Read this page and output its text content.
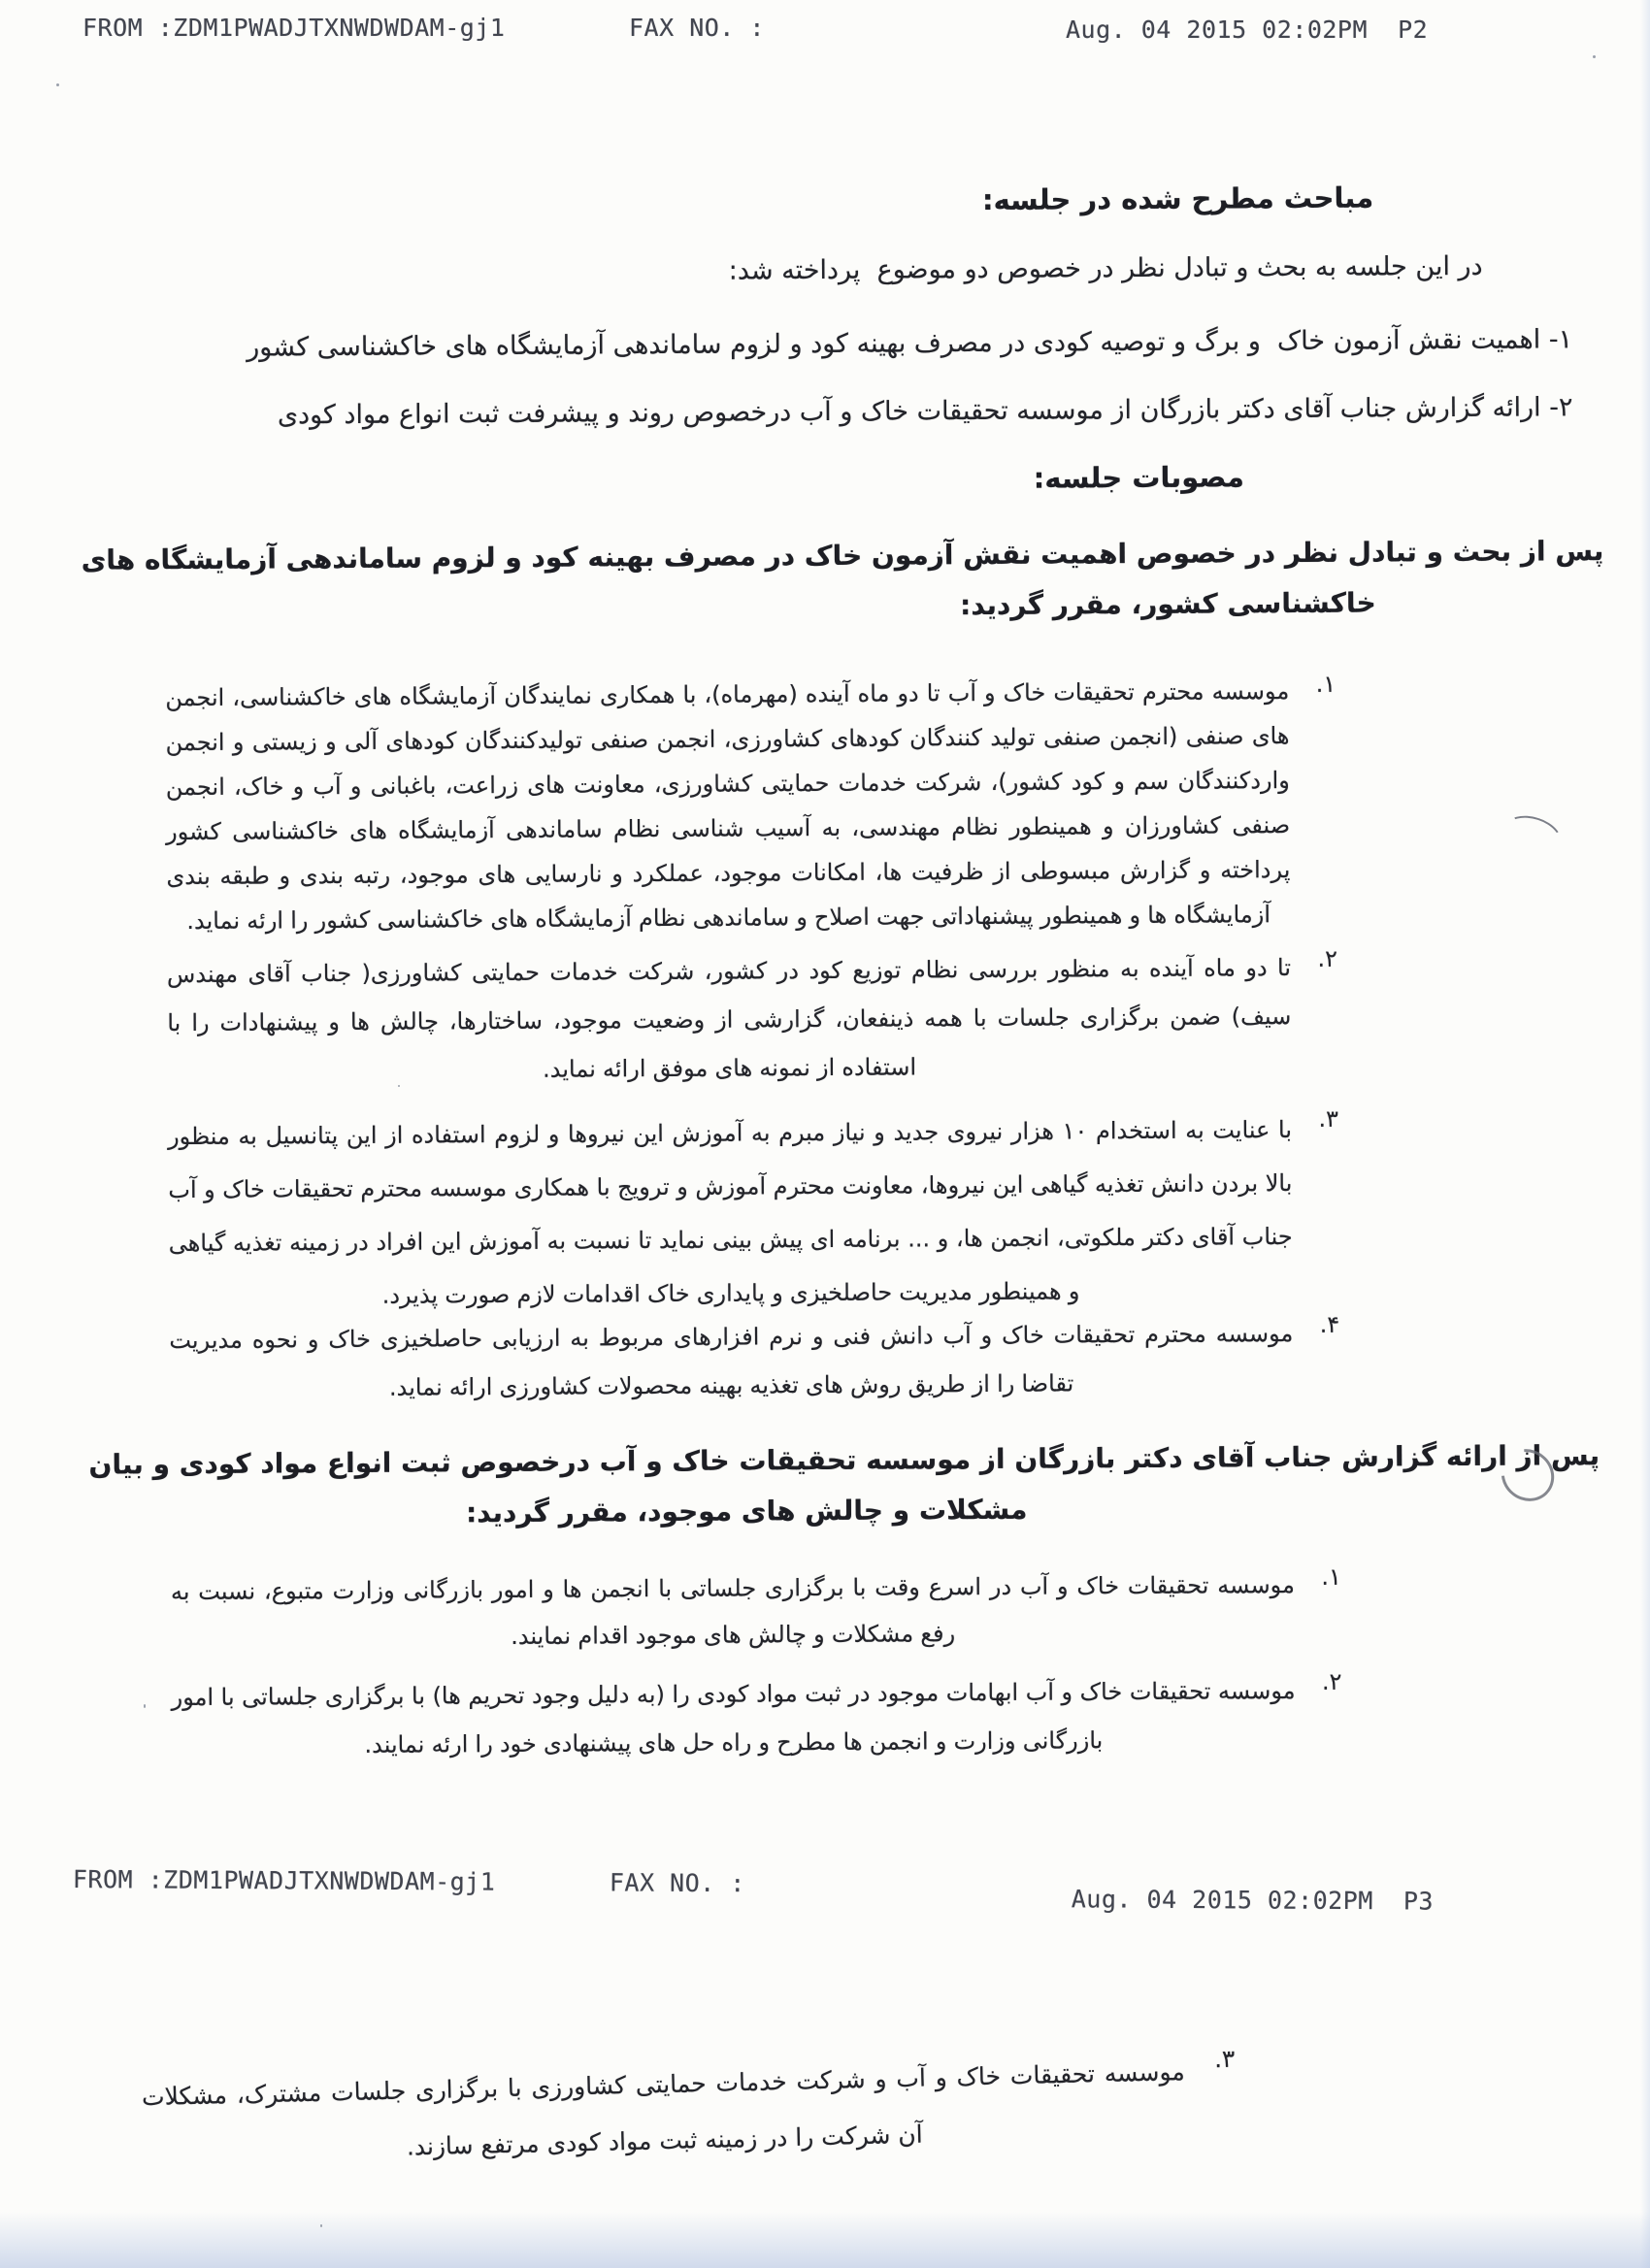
FROM :ZDM1PWADJTXNWDWDAM-gj1

	FAX NO. :

	Aug. 04 2015 02:02PM  P2

مباحث مطرح شده در جلسه:

در این جلسه به بحث و تبادل نظر در خصوص دو موضوع  پرداخته شد:

۱- اهمیت نقش آزمون خاک  و برگ و توصیه کودی در مصرف بهینه کود و لزوم ساماندهی آزمایشگاه های خاکشناسی کشور

۲- ارائه گزارش جناب آقای دکتر بازرگان از موسسه تحقیقات خاک و آب درخصوص روند و پیشرفت ثبت انواع مواد کودی

مصوبات جلسه:

پس از بحث و تبادل نظر در خصوص اهمیت نقش آزمون خاک در مصرف بهینه کود و لزوم ساماندهی آزمایشگاه های

خاکشناسی کشور، مقرر گردید:

۱.

موسسه محترم تحقیقات خاک و آب تا دو ماه آینده (مهرماه)، با همکاری نمایندگان آزمایشگاه های خاکشناسی، انجمن های صنفی (انجمن صنفی تولید کنندگان کودهای کشاورزی، انجمن صنفی تولیدکنندگان کودهای آلی و زیستی و انجمن واردکنندگان سم و کود کشور)، شرکت خدمات حمایتی کشاورزی، معاونت های زراعت، باغبانی و آب و خاک، انجمن صنفی کشاورزان و همینطور نظام مهندسی، به آسیب شناسی نظام ساماندهی آزمایشگاه های خاکشناسی کشور پرداخته و گزارش مبسوطی از ظرفیت ها، امکانات موجود، عملکرد و نارسایی های موجود، رتبه بندی و طبقه بندی آزمایشگاه ها و همینطور پیشنهاداتی جهت اصلاح و ساماندهی نظام آزمایشگاه های خاکشناسی کشور را ارئه نماید.

۲.

تا دو ماه آینده به منظور بررسی نظام توزیع کود در کشور، شرکت خدمات حمایتی کشاورزی( جناب آقای مهندس سیف) ضمن برگزاری جلسات با همه ذینفعان، گزارشی از وضعیت موجود، ساختارها، چالش ها و پیشنهادات را با استفاده از نمونه های موفق ارائه نماید.

۳.

با عنایت به استخدام ۱۰ هزار نیروی جدید و نیاز مبرم به آموزش این نیروها و لزوم استفاده از این پتانسیل به منظور بالا بردن دانش تغذیه گیاهی این نیروها، معاونت محترم آموزش و ترویج با همکاری موسسه محترم تحقیقات خاک و آب جناب آقای دکتر ملکوتی، انجمن ها، و ... برنامه ای پیش بینی نماید تا نسبت به آموزش این افراد در زمینه تغذیه گیاهی و همینطور مدیریت حاصلخیزی و پایداری خاک اقدامات لازم صورت پذیرد.

۴.

موسسه محترم تحقیقات خاک و آب دانش فنی و نرم افزارهای مربوط به ارزیابی حاصلخیزی خاک و نحوه مدیریت تقاضا را از طریق روش های تغذیه بهینه محصولات کشاورزی ارائه نماید.

پس از ارائه گزارش جناب آقای دکتر بازرگان از موسسه تحقیقات خاک و آب درخصوص ثبت انواع مواد کودی و بیان

مشکلات و چالش های موجود، مقرر گردید:

۱.

موسسه تحقیقات خاک و آب در اسرع وقت با برگزاری جلساتی با انجمن ها و امور بازرگانی وزارت متبوع، نسبت به رفع مشکلات و چالش های موجود اقدام نمایند.

۲.

موسسه تحقیقات خاک و آب ابهامات موجود در ثبت مواد کودی را (به دلیل وجود تحریم ها) با برگزاری جلساتی با امور بازرگانی وزارت و انجمن ها مطرح و راه حل های پیشنهادی خود را ارئه نمایند.

FROM :ZDM1PWADJTXNWDWDAM-gj1

	FAX NO. :

Aug. 04 2015 02:02PM  P3

۳.

موسسه تحقیقات خاک و آب و شرکت خدمات حمایتی کشاورزی با برگزاری جلسات مشترک، مشکلات آن شرکت را در زمینه ثبت مواد کودی مرتفع سازند.
